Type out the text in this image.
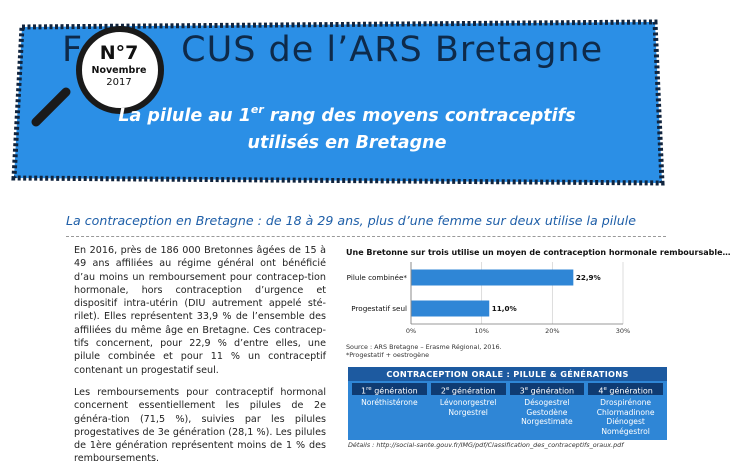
F	CUS de l’ARS Bretagne
N°7
Novembre
2017
La pilule au 1er rang des moyens contraceptifs
utilisés en Bretagne
La contraception en Bretagne : de 18 à 29 ans, plus d’une femme sur deux utilise la pilule

En 2016, près de 186 000 Bretonnes âgées de 15 à 49 ans affiliées au régime général ont bénéficié d’au moins un remboursement pour contracep-tion hormonale, hors contraception d’urgence et dispositif intra-utérin (DIU autrement appelé sté-rilet). Elles représentent 33,9 % de l’ensemble des affiliées du même âge en Bretagne. Ces contracep-tifs concernent, pour 22,9 % d’entre elles, une pilule combinée et pour 11 % un contraceptif contenant un progestatif seul.

Les remboursements pour contraceptif hormonal concernent essentiellement les pilules de 2e généra-tion (71,5 %), suivies par les pilules progestatives de 3e génération (28,1 %). Les pilules de 1ère génération représentent moins de 1 % des remboursements.

Une Bretonne sur trois utilise un moyen de contraception hormonale remboursable…
0%	10%	20%	30%
Pilule combinée*	22,9%
Progestatif seul	11,0%
Source : ARS Bretagne – Erasme Régional, 2016.
*Progestatif + oestrogène
CONTRACEPTION ORALE : PILULE & GÉNÉRATIONS
1re génération
Noréthistérone
2e génération
Lévonorgestrel
Norgestrel
3e génération
Désogestrel
Gestodène
Norgestimate
4e génération
Drospirénone
Chlormadinone
Diénogest
Nomégestrol
Détails : http://social-sante.gouv.fr/IMG/pdf/Classification_des_contraceptifs_oraux.pdf
